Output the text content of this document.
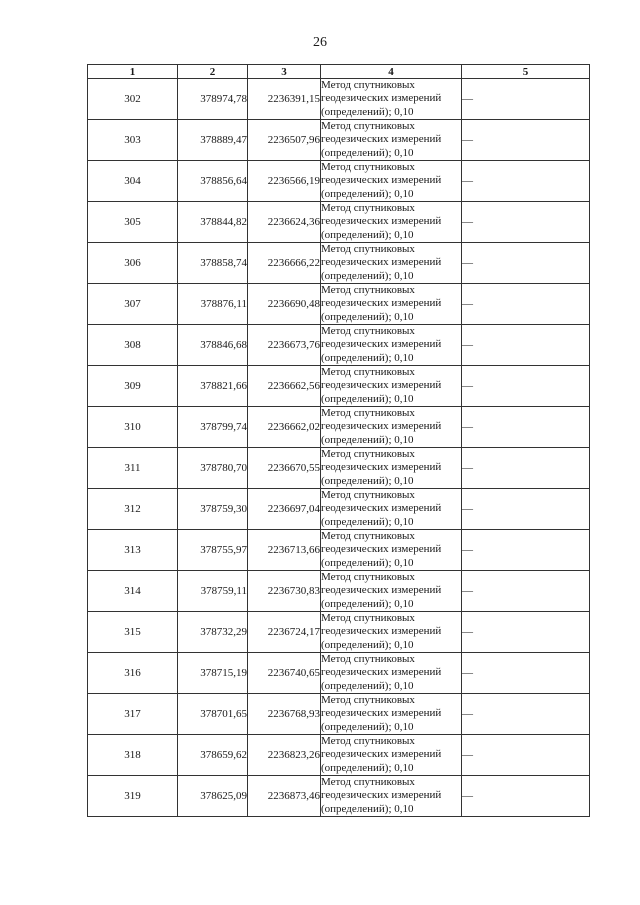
26
1	2	3	4	5
302	378974,78	2236391,15	Метод спутниковых
геодезических измерений
(определений); 0,10	—
303	378889,47	2236507,96	Метод спутниковых
геодезических измерений
(определений); 0,10	—
304	378856,64	2236566,19	Метод спутниковых
геодезических измерений
(определений); 0,10	—
305	378844,82	2236624,36	Метод спутниковых
геодезических измерений
(определений); 0,10	—
306	378858,74	2236666,22	Метод спутниковых
геодезических измерений
(определений); 0,10	—
307	378876,11	2236690,48	Метод спутниковых
геодезических измерений
(определений); 0,10	—
308	378846,68	2236673,76	Метод спутниковых
геодезических измерений
(определений); 0,10	—
309	378821,66	2236662,56	Метод спутниковых
геодезических измерений
(определений); 0,10	—
310	378799,74	2236662,02	Метод спутниковых
геодезических измерений
(определений); 0,10	—
311	378780,70	2236670,55	Метод спутниковых
геодезических измерений
(определений); 0,10	—
312	378759,30	2236697,04	Метод спутниковых
геодезических измерений
(определений); 0,10	—
313	378755,97	2236713,66	Метод спутниковых
геодезических измерений
(определений); 0,10	—
314	378759,11	2236730,83	Метод спутниковых
геодезических измерений
(определений); 0,10	—
315	378732,29	2236724,17	Метод спутниковых
геодезических измерений
(определений); 0,10	—
316	378715,19	2236740,65	Метод спутниковых
геодезических измерений
(определений); 0,10	—
317	378701,65	2236768,93	Метод спутниковых
геодезических измерений
(определений); 0,10	—
318	378659,62	2236823,26	Метод спутниковых
геодезических измерений
(определений); 0,10	—
319	378625,09	2236873,46	Метод спутниковых
геодезических измерений
(определений); 0,10	—
